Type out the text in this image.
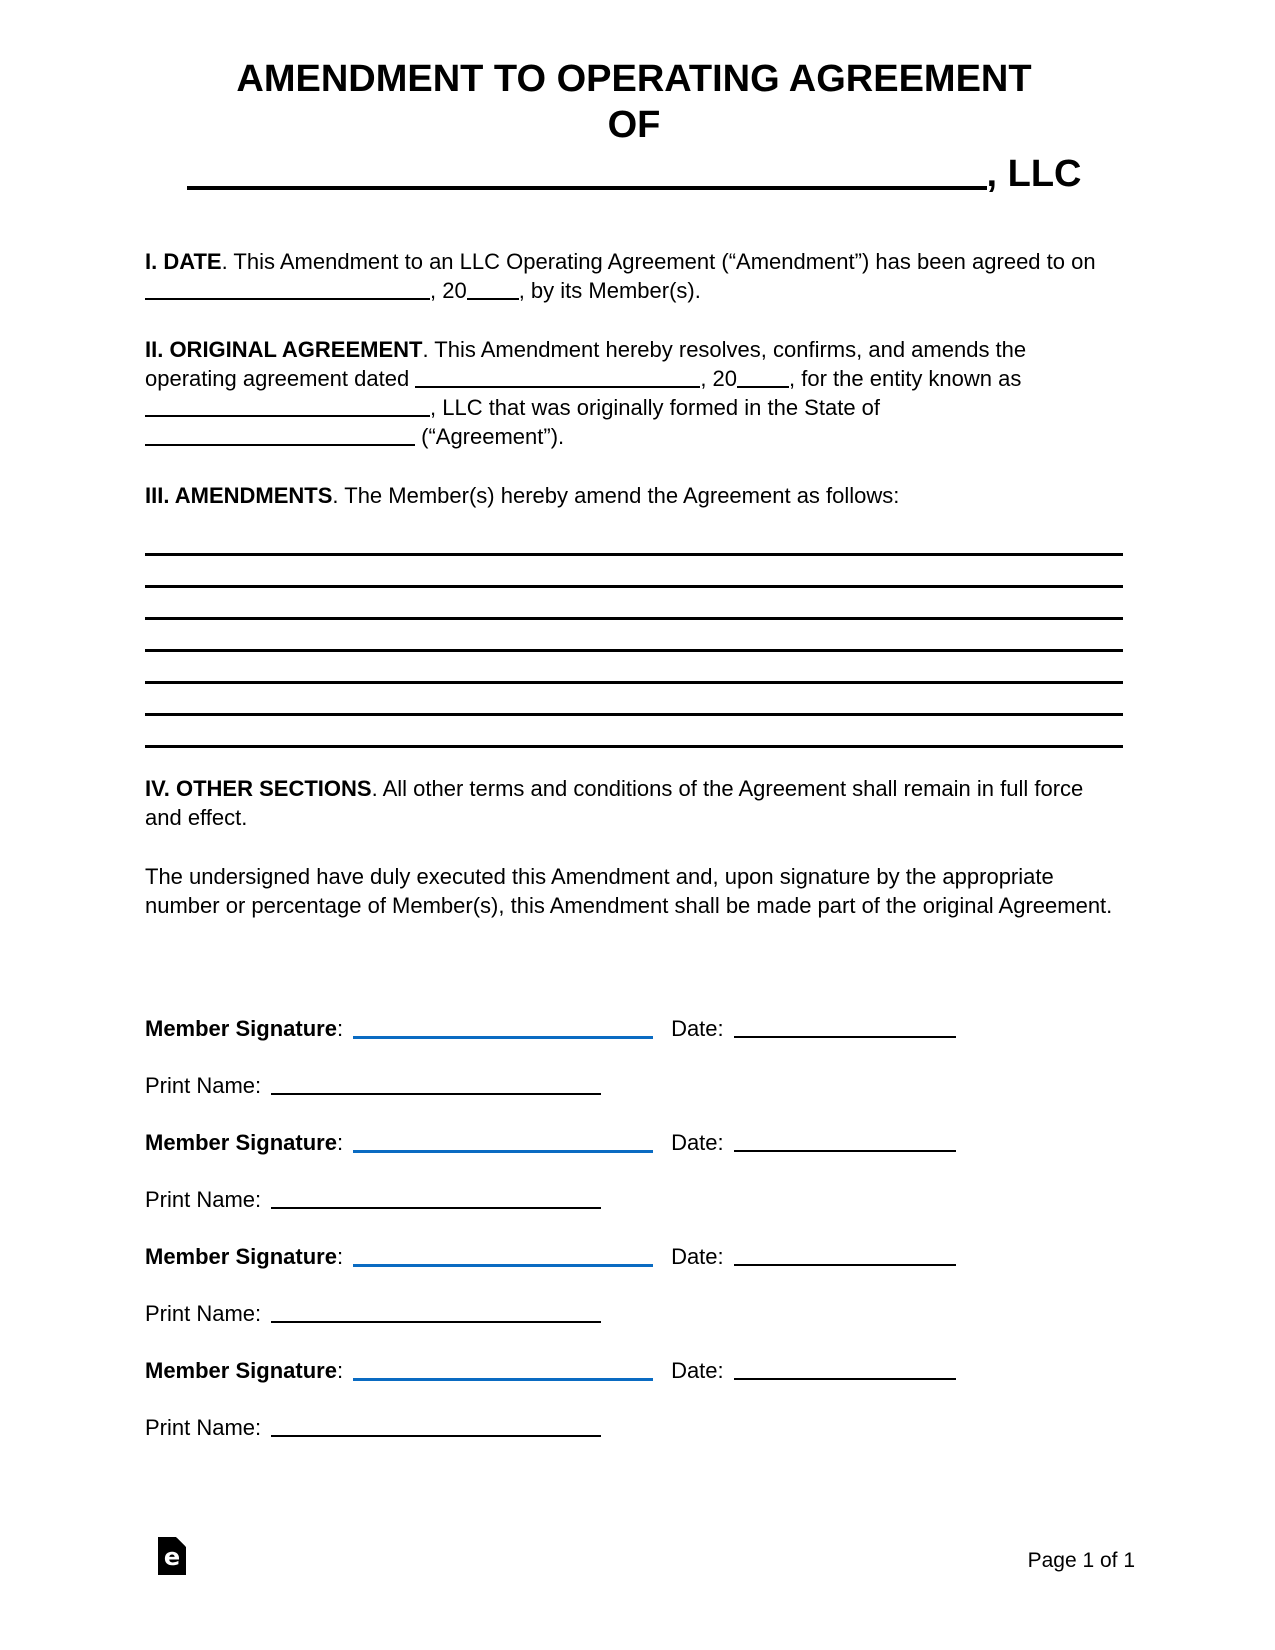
AMENDMENT TO OPERATING AGREEMENT
OF
, LLC

I. DATE. This Amendment to an LLC Operating Agreement (“Amendment”) has been agreed to on , 20 , by its Member(s).

II. ORIGINAL AGREEMENT. This Amendment hereby resolves, confirms, and amends the operating agreement dated	, 20 , for the entity known as , LLC that was originally formed in the State of  (“Agreement”).

III. AMENDMENTS. The Member(s) hereby amend the Agreement as follows:

IV. OTHER SECTIONS. All other terms and conditions of the Agreement shall remain in full force and effect.

The undersigned have duly executed this Amendment and, upon signature by the appropriate number or percentage of Member(s), this Amendment shall be made part of the original Agreement.

Member Signature:	Date:
Print Name:
Member Signature:	Date:
Print Name:
Member Signature:	Date:
Print Name:
Member Signature:	Date:
Print Name:
e	Page 1 of 1
